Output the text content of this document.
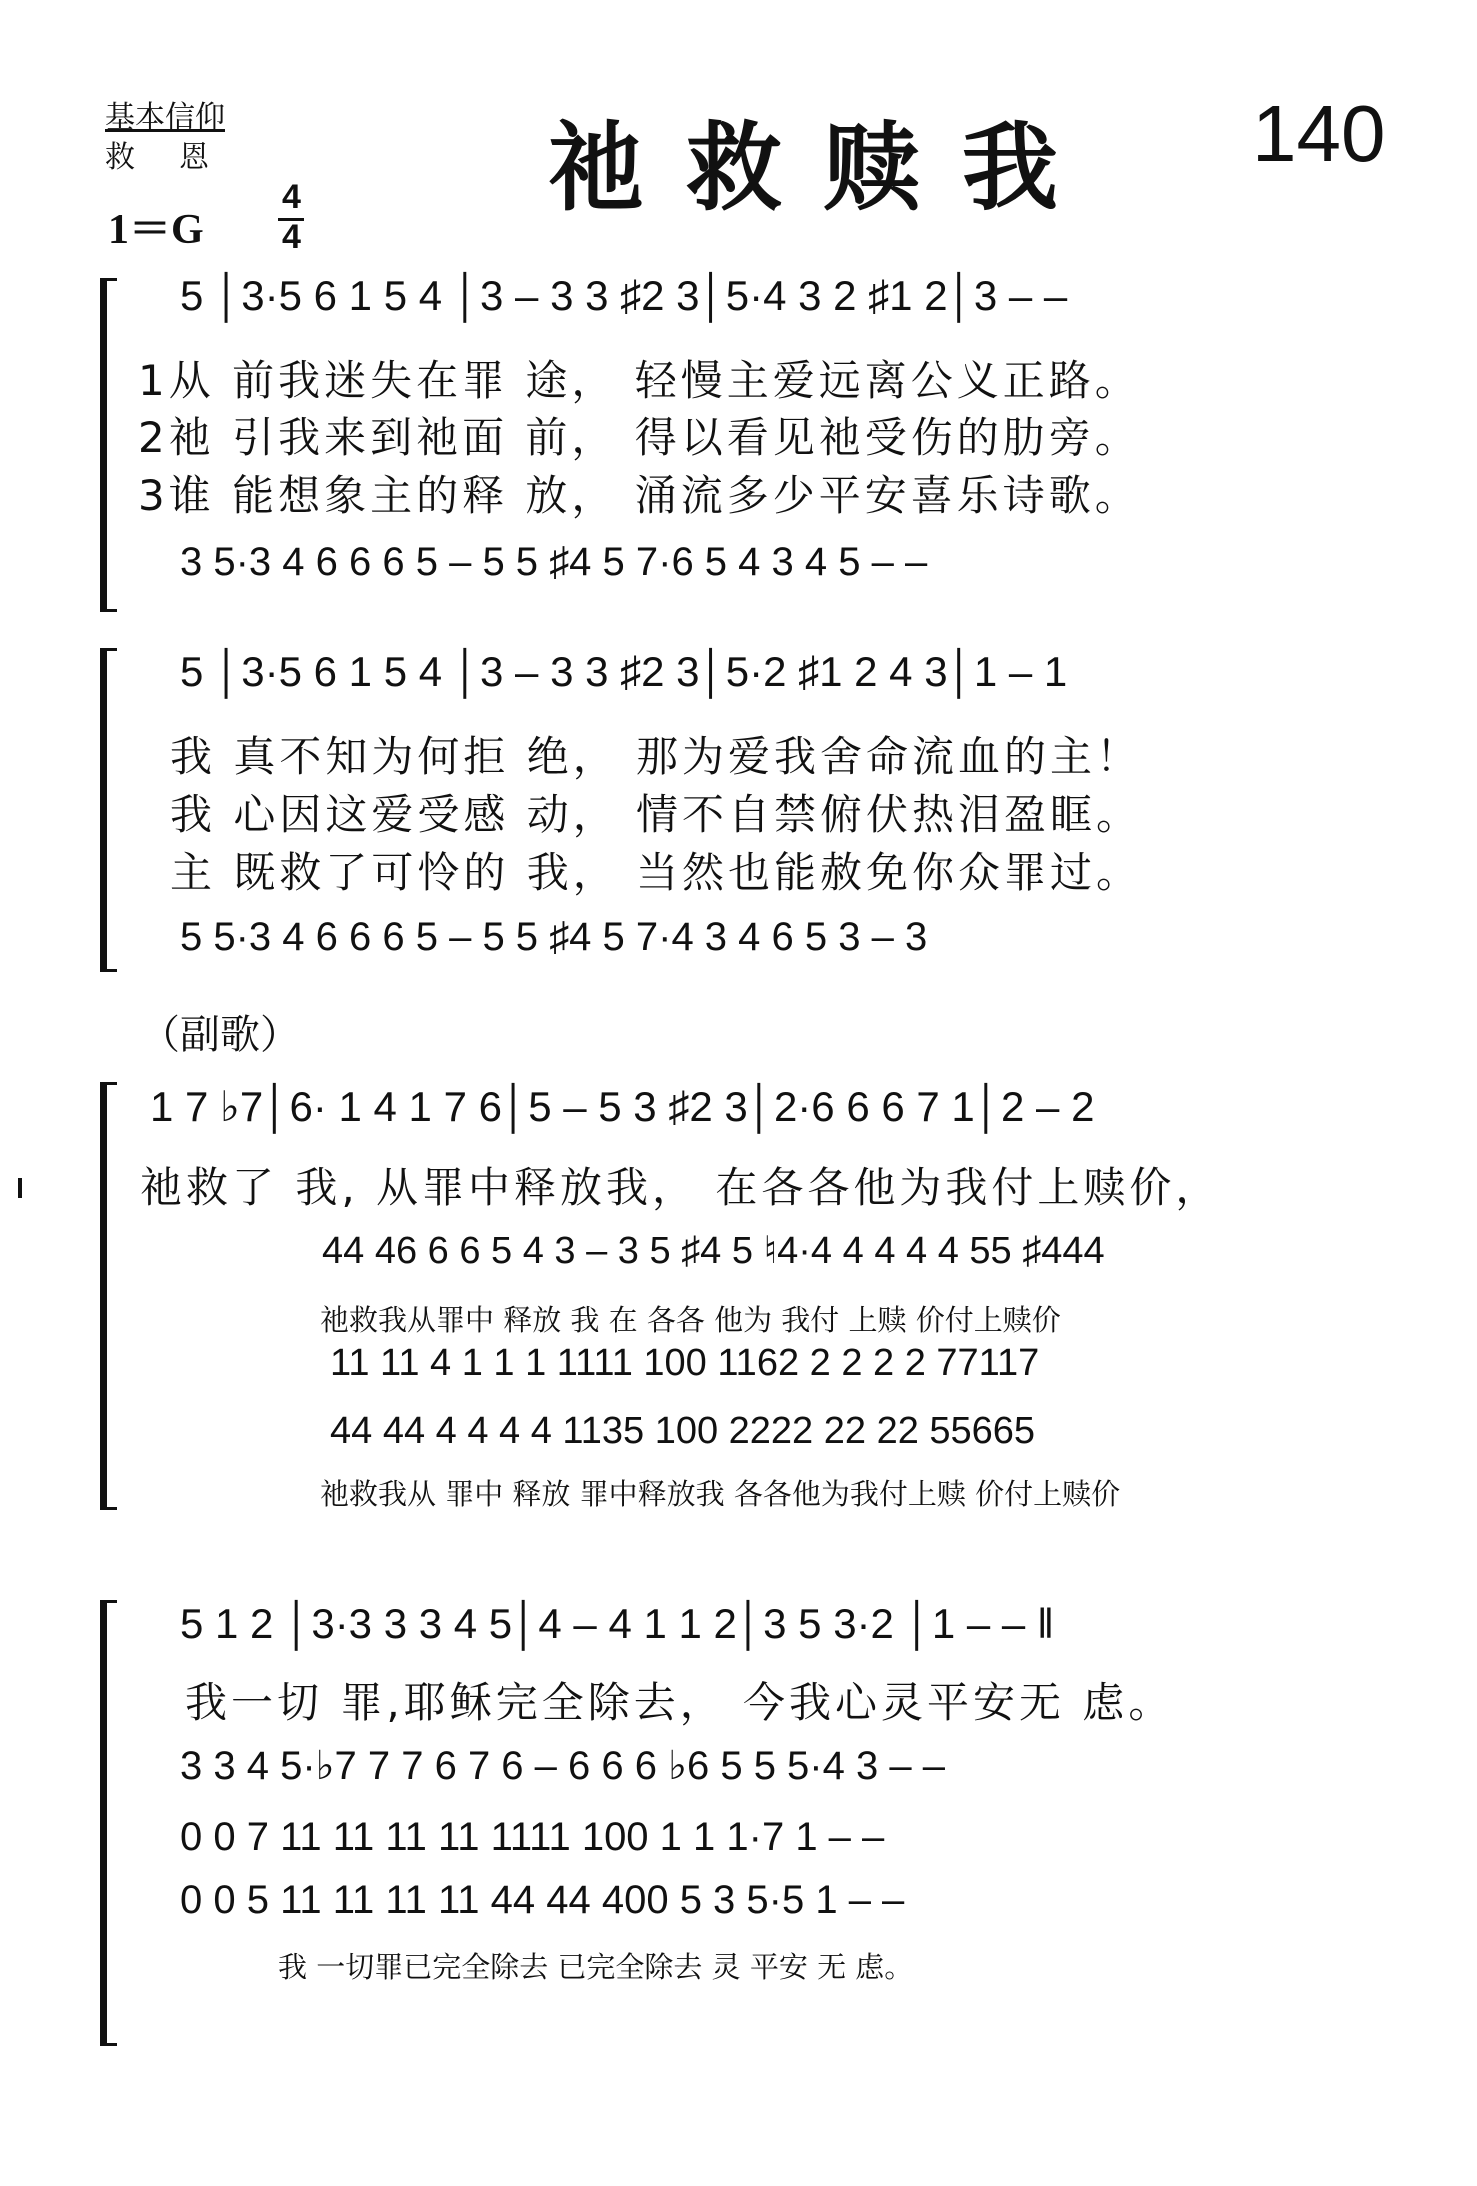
基本信仰
救恩	祂救赎我 140
1＝G
4
4
5 │3·5 6 1 5 4 │3 – 3 3 ♯2 3│5·4 3 2 ♯1 2│3 – –
1从 前我迷失在罪 途， 轻慢主爱远离公义正路。
2祂 引我来到祂面 前， 得以看见祂受伤的肋旁。
3谁 能想象主的释 放， 涌流多少平安喜乐诗歌。
3 5·3 4 6 6 6 5 – 5 5 ♯4 5 7·6 5 4 3 4 5 – –
5 │3·5 6 1 5 4 │3 – 3 3 ♯2 3│5·2 ♯1 2 4 3│1 – 1
我 真不知为何拒 绝， 那为爱我舍命流血的主！
我 心因这爱受感 动， 情不自禁俯伏热泪盈眶。
主 既救了可怜的 我， 当然也能赦免你众罪过。
5 5·3 4 6 6 6 5 – 5 5 ♯4 5 7·4 3 4 6 5 3 – 3
（副歌）
1 7 ♭7│6· 1 4 1 7 6│5 – 5 3 ♯2 3│2·6 6 6 7 1│2 – 2
祂救了 我, 从罪中释放我， 在各各他为我付上赎价，
44 46 6 6 5 4 3 – 3 5 ♯4 5 ♮4·4 4 4 4 4 55 ♯444
祂救我从罪中 释放 我 在 各各 他为 我付 上赎 价付上赎价
11 11 4 1 1 1 1111 100 1162 2 2 2 2 77117
44 44 4 4 4 4 1135 100 2222 22 22 55665
祂救我从 罪中 释放 罪中释放我 各各他为我付上赎 价付上赎价
5 1 2 │3·3 3 3 4 5│4 – 4 1 1 2│3 5 3·2 │1 – – ‖
我一切 罪,耶稣完全除去， 今我心灵平安无 虑。
3 3 4 5·♭7 7 7 6 7 6 – 6 6 6 ♭6 5 5 5·4 3 – –
0 0 7 11 11 11 11 1111 100 1 1 1·7 1 – –
0 0 5 11 11 11 11 44 44 400 5 3 5·5 1 – –
我 一切罪已完全除去 已完全除去 灵 平安 无 虑。
